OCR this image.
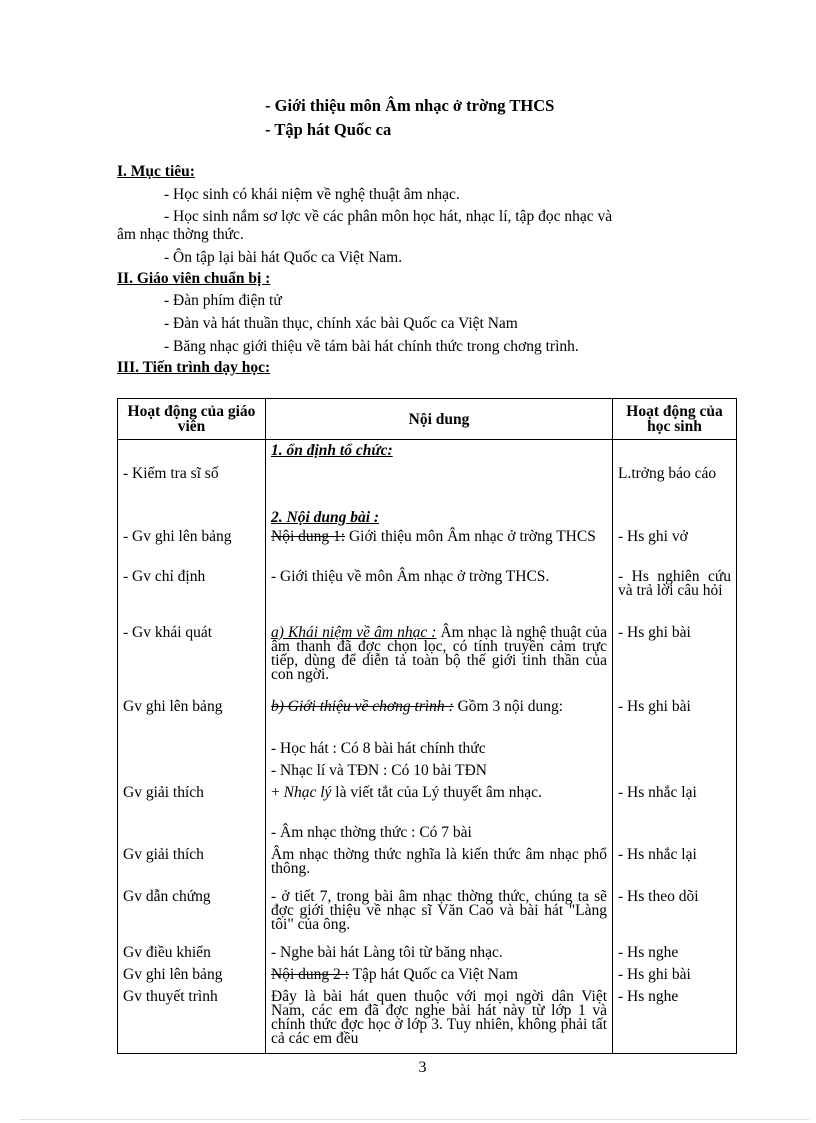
- Giới thiệu môn Âm nhạc ở trờng THCS
- Tập hát Quốc ca
I. Mục tiêu:
- Học sinh có khái niệm về nghệ thuật âm nhạc.
- Học sinh nắm sơ lợc về các phân môn học hát, nhạc lí, tập đọc nhạc và
âm nhạc thờng thức.
- Ôn tập lại bài hát Quốc ca Việt Nam.
II. Giáo viên chuẩn bị :
- Đàn phím điện tử
- Đàn và hát thuần thục, chính xác bài Quốc ca Việt Nam
- Băng nhạc giới thiệu về tám bài hát chính thức trong chơng trình.
III. Tiến trình dạy học:
Hoạt động của giáo viên	Nội dung	Hoạt động của học sinh
	1. ổn định tổ chức:	
- Kiểm tra sĩ số		L.trởng báo cáo
	2. Nội dung bài :	
- Gv ghi lên bảng	Nội dung 1: Giới thiệu môn Âm nhạc ở trờng THCS	- Hs ghi vở
- Gv chỉ định	- Giới thiệu về môn Âm nhạc ở trờng THCS.	- Hs nghiên cứu và trả lời câu hỏi
- Gv khái quát	a) Khái niệm về âm nhạc : Âm nhạc là nghệ thuật của âm thanh đã đợc chọn lọc, có tính truyền cảm trực tiếp, dùng để diễn tả toàn bộ thế giới tinh thần của con ngời.	- Hs ghi bài
Gv ghi lên bảng	b) Giới thiệu về chơng trình : Gồm 3 nội dung:	- Hs ghi bài
	- Học hát : Có 8 bài hát chính thức	
	- Nhạc lí và TĐN : Có 10 bài TĐN	
Gv giải thích	+ Nhạc lý là viết tắt của Lý thuyết âm nhạc.	- Hs nhắc lại
	- Âm nhạc thờng thức : Có 7 bài	
Gv giải thích	Âm nhạc thờng thức nghĩa là kiến thức âm nhạc phổ thông.	- Hs nhắc lại
Gv dẫn chứng	- ở tiết 7, trong bài âm nhạc thờng thức, chúng ta sẽ đợc giới thiệu về nhạc sĩ Văn Cao và bài hát "Làng tôi" của ông.	- Hs theo dõi
Gv điều khiển	- Nghe bài hát Làng tôi từ băng nhạc.	- Hs nghe
Gv ghi lên bảng	Nội dung 2 : Tập hát Quốc ca Việt Nam	- Hs ghi bài
Gv thuyết trình	Đây là bài hát quen thuộc với mọi ngời dân Việt Nam, các em đã đợc nghe bài hát này từ lớp 1 và chính thức đợc học ở lớp 3. Tuy nhiên, không phải tất cả các em đều	- Hs nghe
3
